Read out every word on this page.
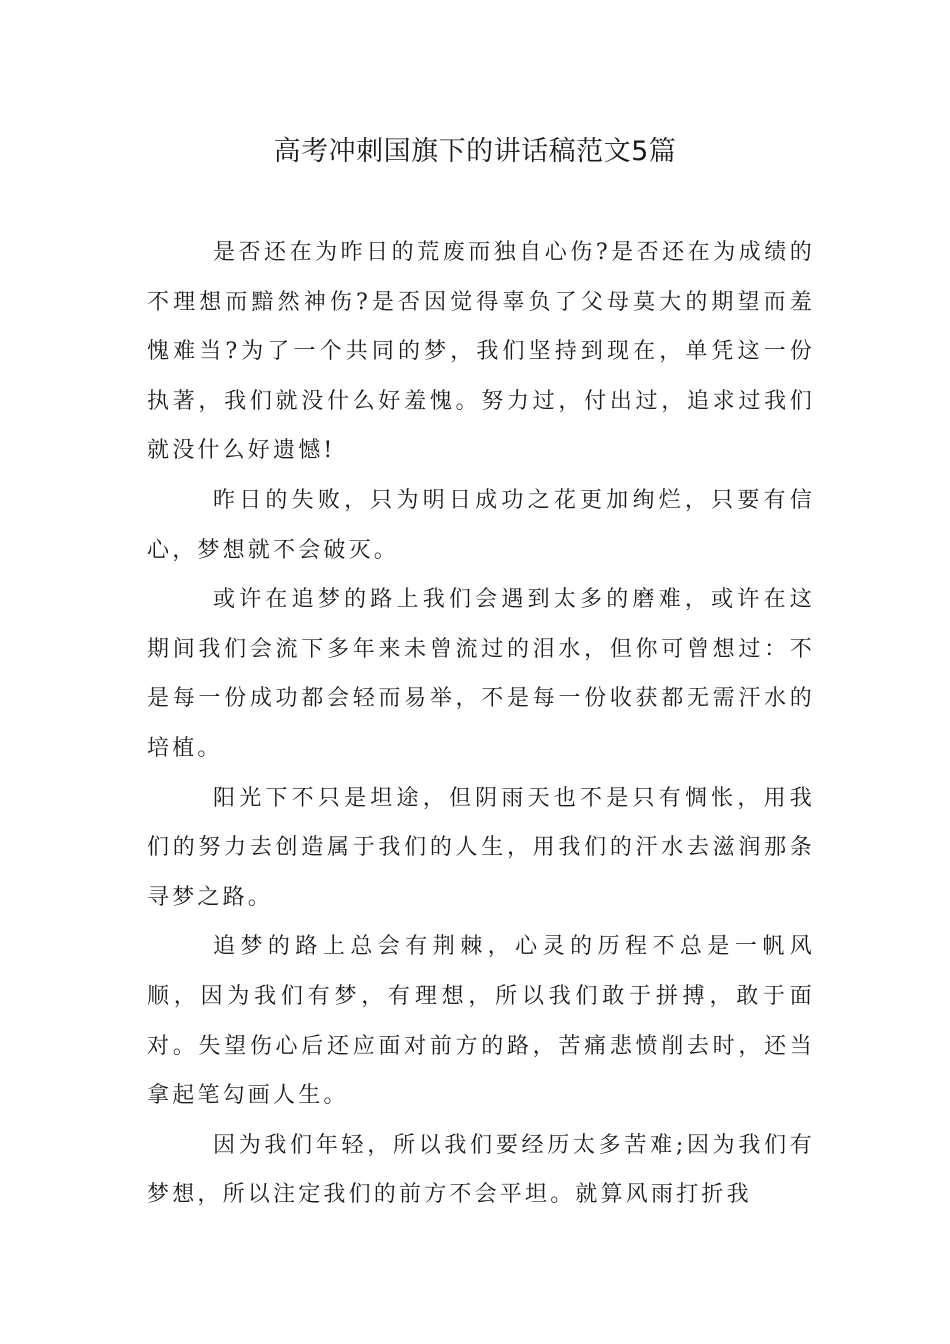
高考冲刺国旗下的讲话稿范文5篇

是否还在为昨日的荒废而独自心伤?是否还在为成绩的不理想而黯然神伤?是否因觉得辜负了父母莫大的期望而羞愧难当?为了一个共同的梦，我们坚持到现在，单凭这一份执著，我们就没什么好羞愧。努力过，付出过，追求过我们就没什么好遗憾!

昨日的失败，只为明日成功之花更加绚烂，只要有信心，梦想就不会破灭。

或许在追梦的路上我们会遇到太多的磨难，或许在这期间我们会流下多年来未曾流过的泪水，但你可曾想过：不是每一份成功都会轻而易举，不是每一份收获都无需汗水的培植。

阳光下不只是坦途，但阴雨天也不是只有惆怅，用我们的努力去创造属于我们的人生，用我们的汗水去滋润那条寻梦之路。

追梦的路上总会有荆棘，心灵的历程不总是一帆风顺，因为我们有梦，有理想，所以我们敢于拼搏，敢于面对。失望伤心后还应面对前方的路，苦痛悲愤削去时，还当拿起笔勾画人生。

因为我们年轻，所以我们要经历太多苦难;因为我们有梦想，所以注定我们的前方不会平坦。就算风雨打折我
